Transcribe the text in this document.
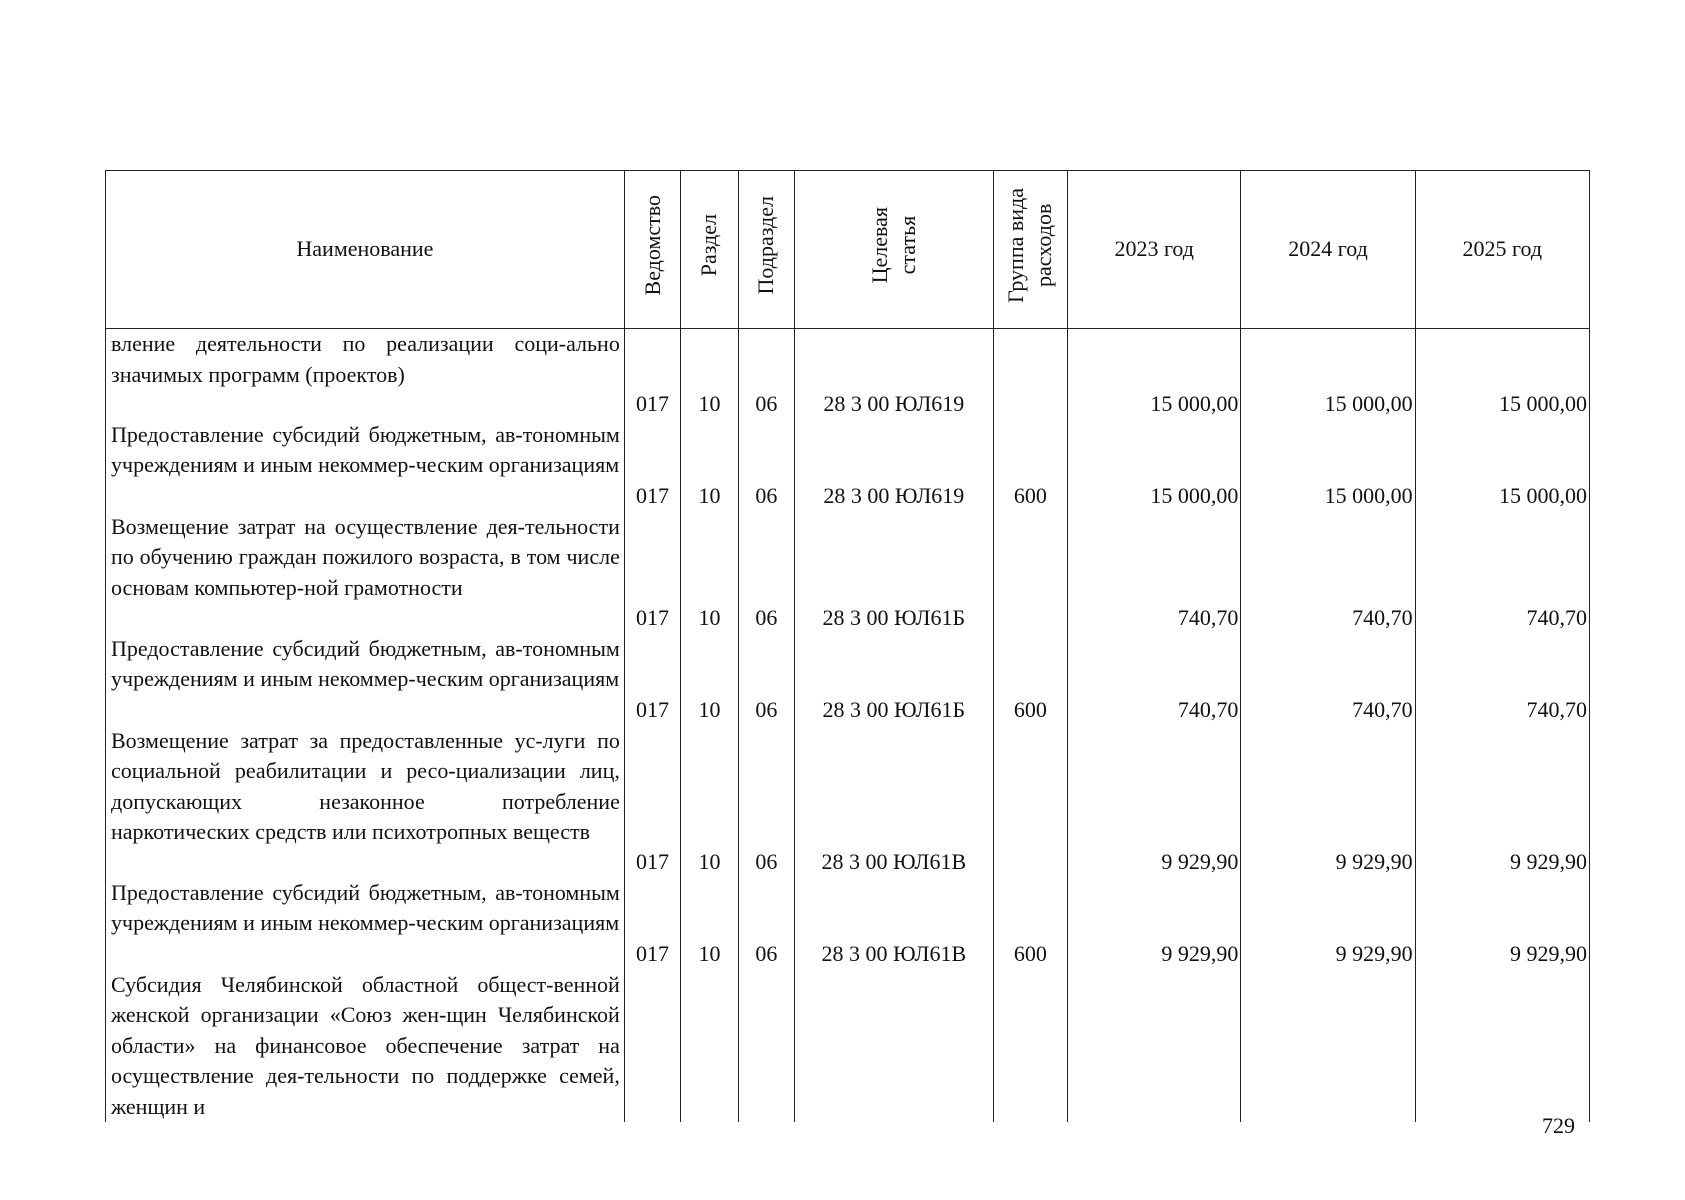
Наименование	Ведомство	Раздел	Подраздел	Целевая статья	Группа вида расходов	2023 год	2024 год	2025 год
вление деятельности по реализации соци-ально значимых программ (проектов)	017	10	06	28 3 00 ЮЛ619		15 000,00	15 000,00	15 000,00
Предоставление субсидий бюджетным, ав-тономным учреждениям и иным некоммер-ческим организациям	017	10	06	28 3 00 ЮЛ619	600	15 000,00	15 000,00	15 000,00
Возмещение затрат на осуществление дея-тельности по обучению граждан пожилого возраста, в том числе основам компьютер-ной грамотности	017	10	06	28 3 00 ЮЛ61Б		740,70	740,70	740,70
Предоставление субсидий бюджетным, ав-тономным учреждениям и иным некоммер-ческим организациям	017	10	06	28 3 00 ЮЛ61Б	600	740,70	740,70	740,70
Возмещение затрат за предоставленные ус-луги по социальной реабилитации и ресо-циализации лиц, допускающих незаконное потребление наркотических средств или психотропных веществ	017	10	06	28 3 00 ЮЛ61В		9 929,90	9 929,90	9 929,90
Предоставление субсидий бюджетным, ав-тономным учреждениям и иным некоммер-ческим организациям	017	10	06	28 3 00 ЮЛ61В	600	9 929,90	9 929,90	9 929,90
Субсидия Челябинской областной общест-венной женской организации «Союз жен-щин Челябинской области» на финансовое обеспечение затрат на осуществление дея-тельности по поддержке семей, женщин и								
729
